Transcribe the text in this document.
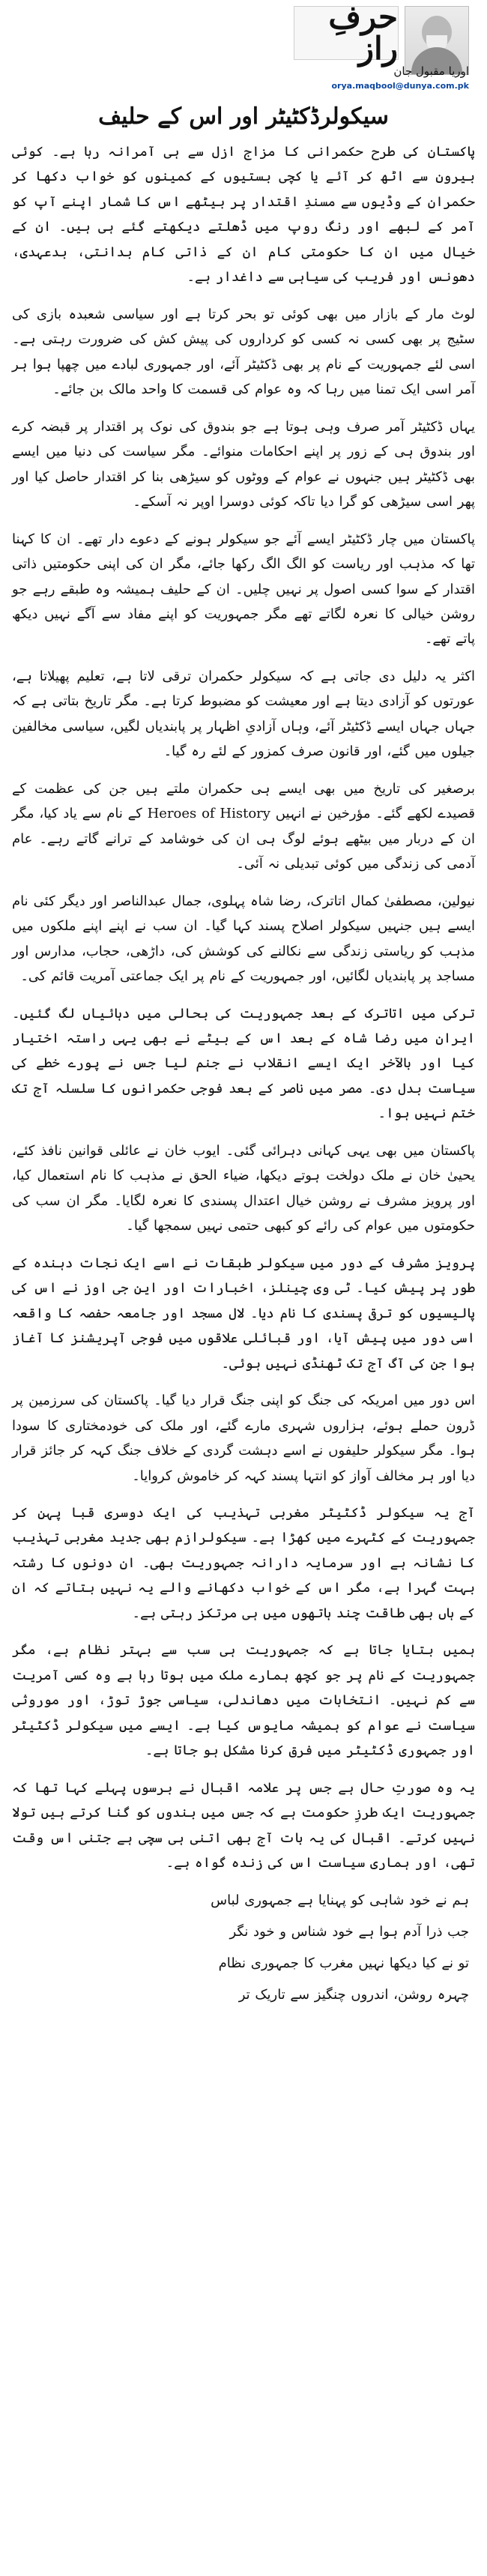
حرفِ راز
اوریا مقبول جان
orya.maqbool@dunya.com.pk
سیکولرڈکٹیٹر اور اس کے حلیف

پاکستان کی طرح حکمرانی کا مزاج ازل سے ہی آمرانہ رہا ہے۔ کوئی بیرون سے اٹھ کر آئے یا کچی بستیوں کے کمینوں کو خواب دکھا کر حکمران کے وڈیوں سے مسندِ اقتدار پر بیٹھے اس کا شمار اپنے آپ کو آمر کے لبھے اور رنگ روپ میں ڈھلتے دیکھتے گئے ہی ہیں۔ ان کے خیال میں ان کا حکومتی کام ان کے ذاتی کام بدانتی، بدعہدی، دھونس اور فریب کی سیاہی سے داغدار ہے۔

لوٹ مار کے بازار میں بھی کوئی تو بحر کرتا ہے اور سیاسی شعبدہ بازی کی سٹیج پر بھی کسی نہ کسی کو کرداروں کی پیش کش کی ضرورت رہتی ہے۔ اسی لئے جمہوریت کے نام پر بھی ڈکٹیٹر آئے، اور جمہوری لبادے میں چھپا ہوا ہر آمر اسی ایک تمنا میں رہا کہ وہ عوام کی قسمت کا واحد مالک بن جائے۔

یہاں ڈکٹیٹر آمر صرف وہی ہوتا ہے جو بندوق کی نوک پر اقتدار پر قبضہ کرے اور بندوق ہی کے زور پر اپنے احکامات منوائے۔ مگر سیاست کی دنیا میں ایسے بھی ڈکٹیٹر ہیں جنہوں نے عوام کے ووٹوں کو سیڑھی بنا کر اقتدار حاصل کیا اور پھر اسی سیڑھی کو گرا دیا تاکہ کوئی دوسرا اوپر نہ آسکے۔

پاکستان میں چار ڈکٹیٹر ایسے آئے جو سیکولر ہونے کے دعوے دار تھے۔ ان کا کہنا تھا کہ مذہب اور ریاست کو الگ الگ رکھا جائے، مگر ان کی اپنی حکومتیں ذاتی اقتدار کے سوا کسی اصول پر نہیں چلیں۔ ان کے حلیف ہمیشہ وہ طبقے رہے جو روشن خیالی کا نعرہ لگاتے تھے مگر جمہوریت کو اپنے مفاد سے آگے نہیں دیکھ پاتے تھے۔

اکثر یہ دلیل دی جاتی ہے کہ سیکولر حکمران ترقی لاتا ہے، تعلیم پھیلاتا ہے، عورتوں کو آزادی دیتا ہے اور معیشت کو مضبوط کرتا ہے۔ مگر تاریخ بتاتی ہے کہ جہاں جہاں ایسے ڈکٹیٹر آئے، وہاں آزادیِ اظہار پر پابندیاں لگیں، سیاسی مخالفین جیلوں میں گئے، اور قانون صرف کمزور کے لئے رہ گیا۔

برصغیر کی تاریخ میں بھی ایسے ہی حکمران ملتے ہیں جن کی عظمت کے قصیدے لکھے گئے۔ مؤرخین نے انہیں Heroes of History کے نام سے یاد کیا، مگر ان کے دربار میں بیٹھے ہوئے لوگ ہی ان کی خوشامد کے ترانے گاتے رہے۔ عام آدمی کی زندگی میں کوئی تبدیلی نہ آئی۔

نیولین، مصطفیٰ کمال اتاترک، رضا شاہ پہلوی، جمال عبدالناصر اور دیگر کئی نام ایسے ہیں جنہیں سیکولر اصلاح پسند کہا گیا۔ ان سب نے اپنے اپنے ملکوں میں مذہب کو ریاستی زندگی سے نکالنے کی کوشش کی، داڑھی، حجاب، مدارس اور مساجد پر پابندیاں لگائیں، اور جمہوریت کے نام پر ایک جماعتی آمریت قائم کی۔

ترکی میں اتاترک کے بعد جمہوریت کی بحالی میں دہائیاں لگ گئیں۔ ایران میں رضا شاہ کے بعد اس کے بیٹے نے بھی یہی راستہ اختیار کیا اور بالآخر ایک ایسے انقلاب نے جنم لیا جس نے پورے خطے کی سیاست بدل دی۔ مصر میں ناصر کے بعد فوجی حکمرانوں کا سلسلہ آج تک ختم نہیں ہوا۔

پاکستان میں بھی یہی کہانی دہرائی گئی۔ ایوب خان نے عائلی قوانین نافذ کئے، یحییٰ خان نے ملک دولخت ہوتے دیکھا، ضیاء الحق نے مذہب کا نام استعمال کیا، اور پرویز مشرف نے روشن خیال اعتدال پسندی کا نعرہ لگایا۔ مگر ان سب کی حکومتوں میں عوام کی رائے کو کبھی حتمی نہیں سمجھا گیا۔

پرویز مشرف کے دور میں سیکولر طبقات نے اسے ایک نجات دہندہ کے طور پر پیش کیا۔ ٹی وی چینلز، اخبارات اور این جی اوز نے اس کی پالیسیوں کو ترقی پسندی کا نام دیا۔ لال مسجد اور جامعہ حفصہ کا واقعہ اسی دور میں پیش آیا، اور قبائلی علاقوں میں فوجی آپریشنز کا آغاز ہوا جن کی آگ آج تک ٹھنڈی نہیں ہوئی۔

اس دور میں امریکہ کی جنگ کو اپنی جنگ قرار دیا گیا۔ پاکستان کی سرزمین پر ڈرون حملے ہوئے، ہزاروں شہری مارے گئے، اور ملک کی خودمختاری کا سودا ہوا۔ مگر سیکولر حلیفوں نے اسے دہشت گردی کے خلاف جنگ کہہ کر جائز قرار دیا اور ہر مخالف آواز کو انتہا پسند کہہ کر خاموش کروایا۔

آج یہ سیکولر ڈکٹیٹر مغربی تہذیب کی ایک دوسری قبا پہن کر جمہوریت کے کٹہرے میں کھڑا ہے۔ سیکولرازم بھی جدید مغربی تہذیب کا نشانہ ہے اور سرمایہ دارانہ جمہوریت بھی۔ ان دونوں کا رشتہ بہت گہرا ہے، مگر اس کے خواب دکھانے والے یہ نہیں بتاتے کہ ان کے ہاں بھی طاقت چند ہاتھوں میں ہی مرتکز رہتی ہے۔

ہمیں بتایا جاتا ہے کہ جمہوریت ہی سب سے بہتر نظام ہے، مگر جمہوریت کے نام پر جو کچھ ہمارے ملک میں ہوتا رہا ہے وہ کسی آمریت سے کم نہیں۔ انتخابات میں دھاندلی، سیاسی جوڑ توڑ، اور موروثی سیاست نے عوام کو ہمیشہ مایوس کیا ہے۔ ایسے میں سیکولر ڈکٹیٹر اور جمہوری ڈکٹیٹر میں فرق کرنا مشکل ہو جاتا ہے۔

یہ وہ صورتِ حال ہے جس پر علامہ اقبال نے برسوں پہلے کہا تھا کہ جمہوریت ایک طرزِ حکومت ہے کہ جس میں بندوں کو گنا کرتے ہیں تولا نہیں کرتے۔ اقبال کی یہ بات آج بھی اتنی ہی سچی ہے جتنی اس وقت تھی، اور ہماری سیاست اس کی زندہ گواہ ہے۔

ہم نے خود شاہی کو پہنایا ہے جمہوری لباس
جب ذرا آدم ہوا ہے خود شناس و خود نگر
تو نے کیا دیکھا نہیں مغرب کا جمہوری نظام
چہرہ روشن، اندروں چنگیز سے تاریک تر
